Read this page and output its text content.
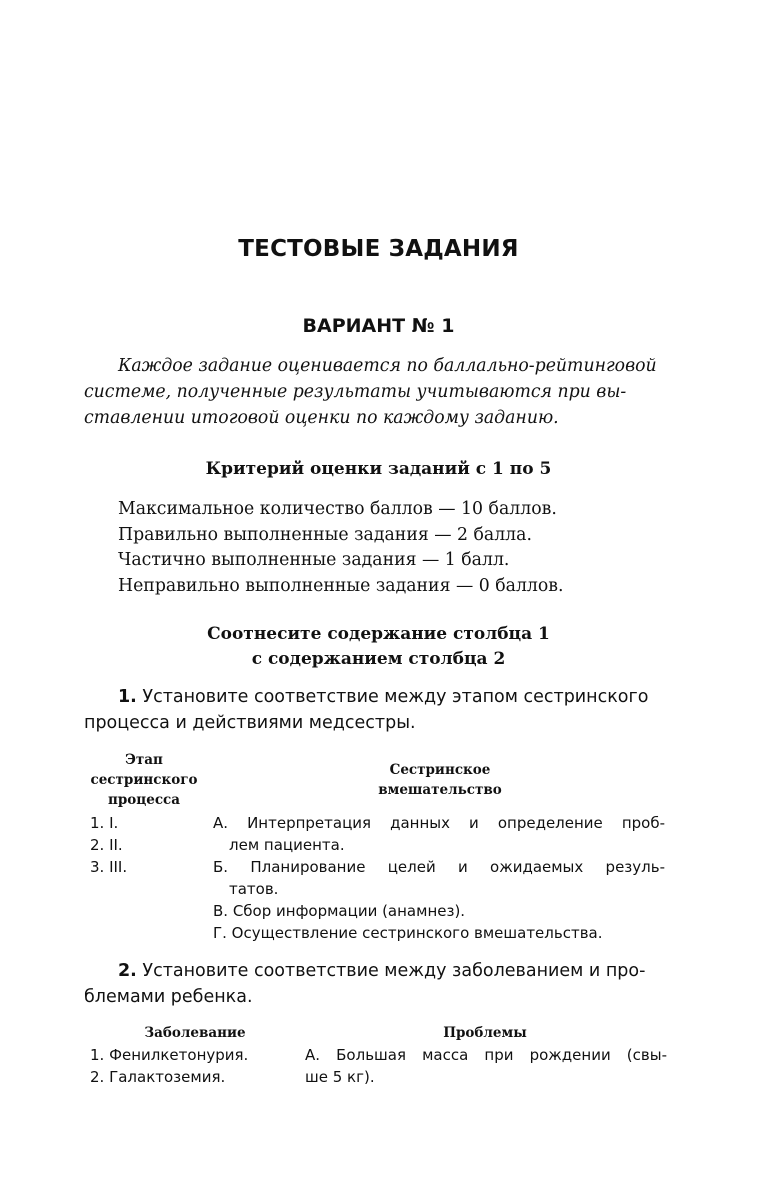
ТЕСТОВЫЕ ЗАДАНИЯ
ВАРИАНТ № 1
Каждое задание оценивается по баллально-рейтинговой
системе, полученные результаты учитываются при вы-
ставлении итоговой оценки по каждому заданию.
Критерий оценки заданий с 1 по 5
Максимальное количество баллов — 10 баллов.
Правильно выполненные задания — 2 балла.
Частично выполненные задания — 1 балл.
Неправильно выполненные задания — 0 баллов.
Соотнесите содержание столбца 1
с содержанием столбца 2
1. Установите соответствие между этапом сестринского
процесса и действиями медсестры.
Этап
сестринского
процесса
Сестринское
вмешательство
1. I.
2. II.
3. III.
А. Интерпретация данных и определение проб-
лем пациента.
Б. Планирование целей и ожидаемых резуль-
татов.
В. Сбор информации (анамнез).
Г. Осуществление сестринского вмешательства.
2. Установите соответствие между заболеванием и про-
блемами ребенка.
Заболевание	Проблемы
1. Фенилкетонурия.
2. Галактоземия.
А. Большая масса при рождении (свы-
ше 5 кг).
